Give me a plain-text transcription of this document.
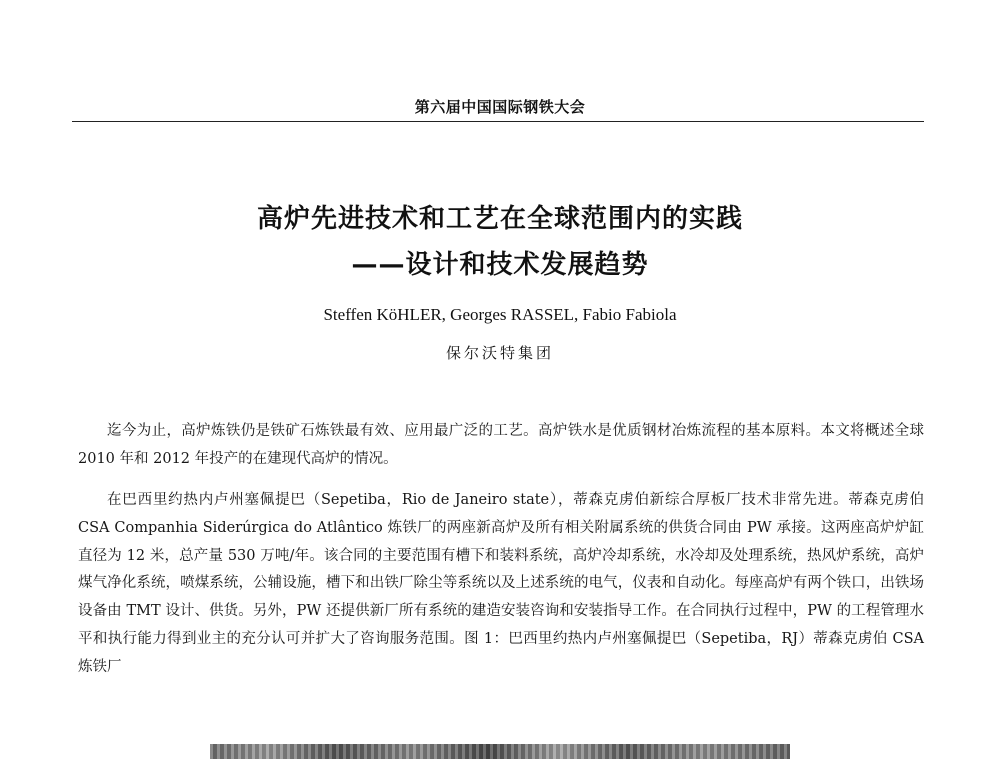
第六届中国国际钢铁大会
高炉先进技术和工艺在全球范围内的实践
——设计和技术发展趋势
Steffen KöHLER, Georges RASSEL, Fabio Fabiola
保尔沃特集团

迄今为止，高炉炼铁仍是铁矿石炼铁最有效、应用最广泛的工艺。高炉铁水是优质钢材冶炼流程的基本原料。本文将概述全球 2010 年和 2012 年投产的在建现代高炉的情况。

在巴西里约热内卢州塞佩提巴（Sepetiba，Rio de Janeiro state），蒂森克虏伯新综合厚板厂技术非常先进。蒂森克虏伯 CSA Companhia Siderúrgica do Atlântico 炼铁厂的两座新高炉及所有相关附属系统的供货合同由 PW 承接。这两座高炉炉缸直径为 12 米，总产量 530 万吨/年。该合同的主要范围有槽下和装料系统，高炉冷却系统，水冷却及处理系统，热风炉系统，高炉煤气净化系统，喷煤系统，公辅设施，槽下和出铁厂除尘等系统以及上述系统的电气，仪表和自动化。每座高炉有两个铁口，出铁场设备由 TMT 设计、供货。另外，PW 还提供新厂所有系统的建造安装咨询和安装指导工作。在合同执行过程中，PW 的工程管理水平和执行能力得到业主的充分认可并扩大了咨询服务范围。图 1：巴西里约热内卢州塞佩提巴（Sepetiba，RJ）蒂森克虏伯 CSA 炼铁厂
